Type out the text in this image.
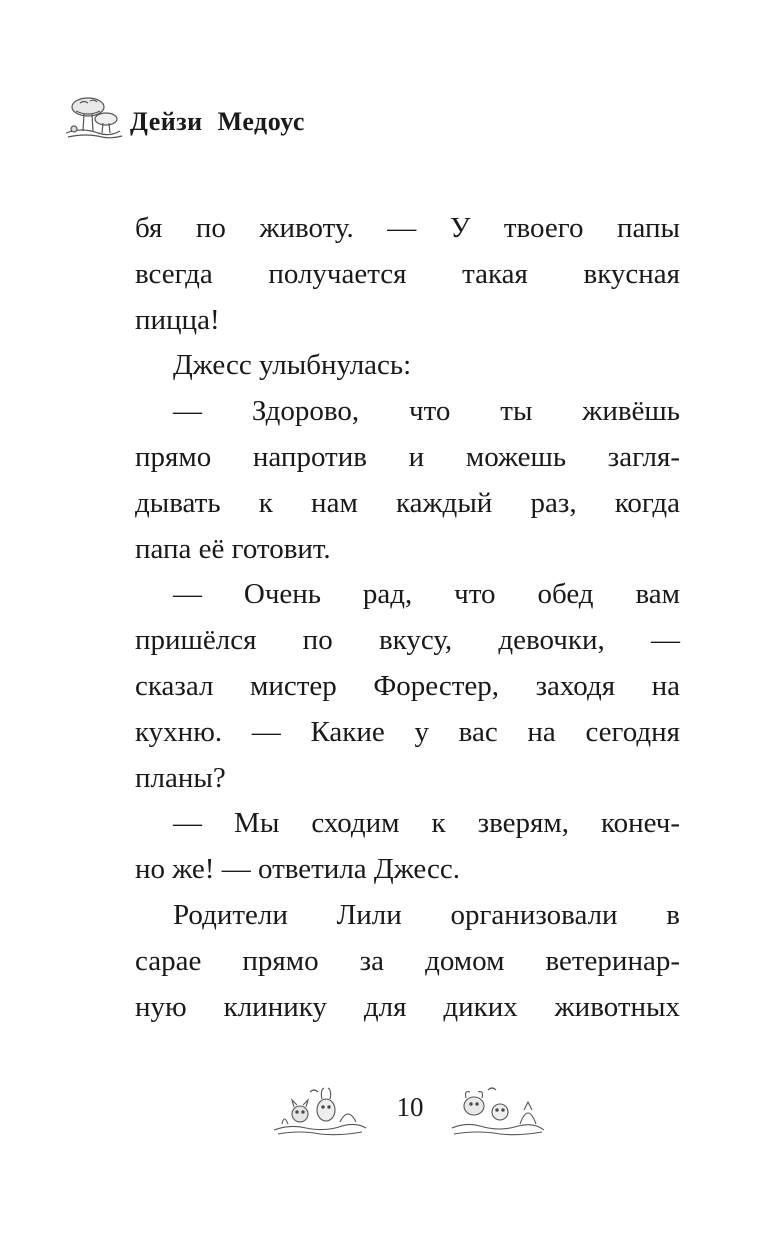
Дейзи Медоус
бя по животу. — У твоего папы
всегда получается такая вкусная
пицца!
Джесс улыбнулась:
— Здорово, что ты живёшь
прямо напротив и можешь загля-
дывать к нам каждый раз, когда
папа её готовит.
— Очень рад, что обед вам
пришёлся по вкусу, девочки, —
сказал мистер Форестер, заходя на
кухню. — Какие у вас на сегодня
планы?
— Мы сходим к зверям, конеч-
но же! — ответила Джесс.
Родители Лили организовали в
сарае прямо за домом ветеринар-
ную клинику для диких животных
10
